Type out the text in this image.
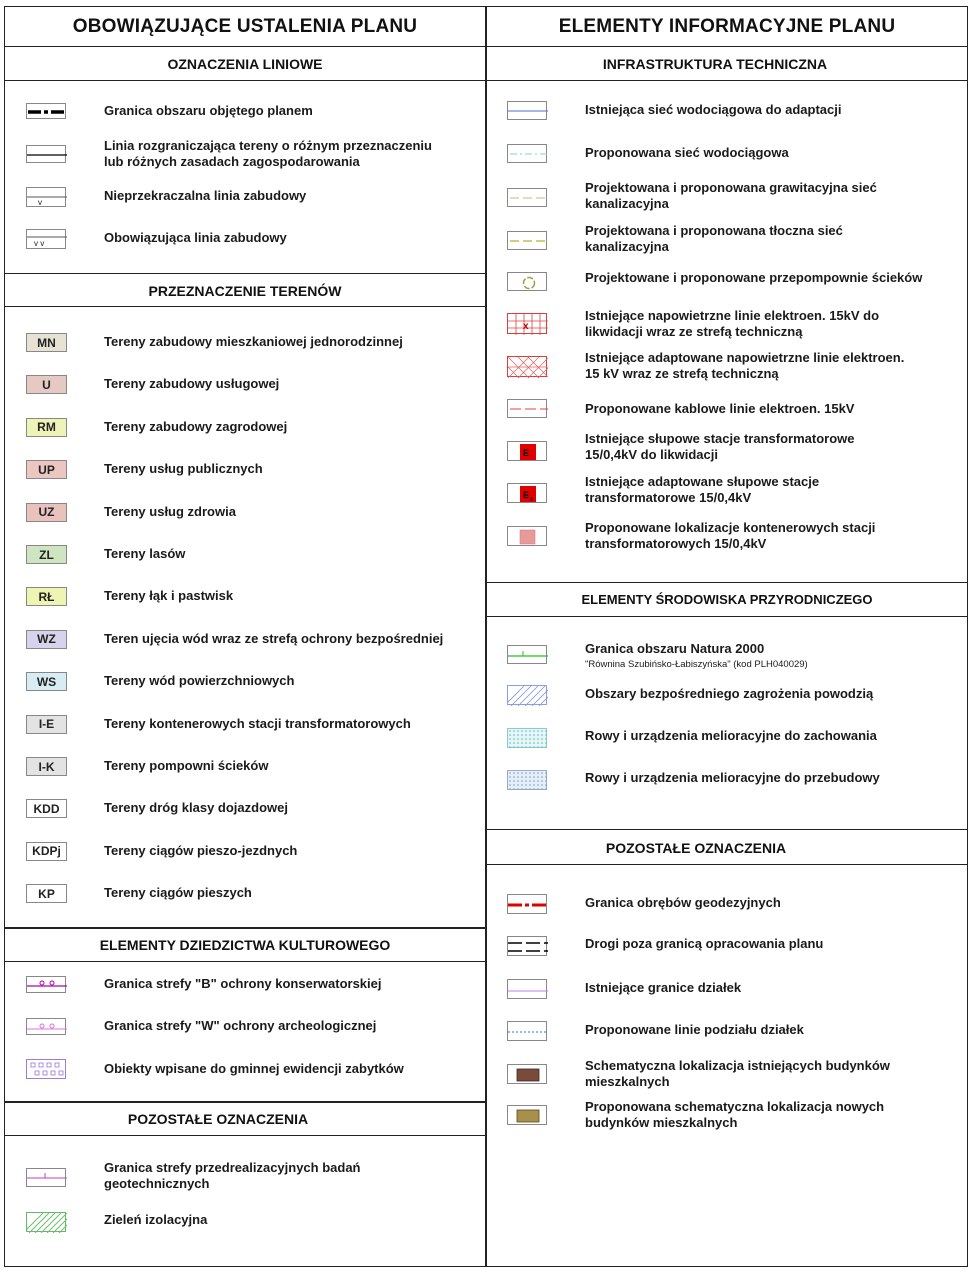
OBOWIĄZUJĄCE USTALENIA PLANU	ELEMENTY INFORMACYJNE PLANU
OZNACZENIA LINIOWE
PRZEZNACZENIE TERENÓW
ELEMENTY DZIEDZICTWA KULTUROWEGO
POZOSTAŁE OZNACZENIA
INFRASTRUKTURA TECHNICZNA
ELEMENTY ŚRODOWISKA PRZYRODNICZEGO
POZOSTAŁE OZNACZENIA
Granica obszaru objętego planem
Linia rozgraniczająca tereny o różnym przeznaczeniu
lub różnych zasadach zagospodarowania
v	Nieprzekraczalna linia zabudowy
v v	Obowiązująca linia zabudowy
MN	Tereny zabudowy mieszkaniowej jednorodzinnej
U	Tereny zabudowy usługowej
RM	Tereny zabudowy zagrodowej
UP	Tereny usług publicznych
UZ	Tereny usług zdrowia
ZL	Tereny lasów
RŁ	Tereny łąk i pastwisk
WZ	Teren ujęcia wód wraz ze strefą ochrony bezpośredniej
WS	Tereny wód powierzchniowych
I-E	Tereny kontenerowych stacji transformatorowych
I-K	Tereny pompowni ścieków
KDD	Tereny dróg klasy dojazdowej
KDPj	Tereny ciągów pieszo-jezdnych
KP	Tereny ciągów pieszych
Granica strefy "B" ochrony konserwatorskiej
Granica strefy "W" ochrony archeologicznej
Obiekty wpisane do gminnej ewidencji zabytków
Granica strefy przedrealizacyjnych badań
geotechnicznych
Zieleń izolacyjna
Istniejąca sieć wodociągowa do adaptacji
Proponowana sieć wodociągowa
Projektowana i proponowana grawitacyjna sieć
kanalizacyjna
Projektowana i proponowana tłoczna sieć
kanalizacyjna
Projektowane i proponowane przepompownie ścieków
x
Istniejące napowietrzne linie elektroen. 15kV do
likwidacji wraz ze strefą techniczną
Istniejące adaptowane napowietrzne linie elektroen.
15 kV wraz ze strefą techniczną
Proponowane kablowe linie elektroen. 15kV
E
Istniejące słupowe stacje transformatorowe
15/0,4kV do likwidacji
E A
Istniejące adaptowane słupowe stacje
transformatorowe 15/0,4kV
Proponowane lokalizacje kontenerowych stacji
transformatorowych 15/0,4kV
Granica obszaru Natura 2000
"Równina Szubińsko-Łabiszyńska" (kod PLH040029)
Obszary bezpośredniego zagrożenia powodzią
Rowy i urządzenia melioracyjne do zachowania
Rowy i urządzenia melioracyjne do przebudowy
Granica obrębów geodezyjnych
Drogi poza granicą opracowania planu
Istniejące granice działek
Proponowane linie podziału działek
Schematyczna lokalizacja istniejących budynków
mieszkalnych
Proponowana schematyczna lokalizacja nowych
budynków mieszkalnych
